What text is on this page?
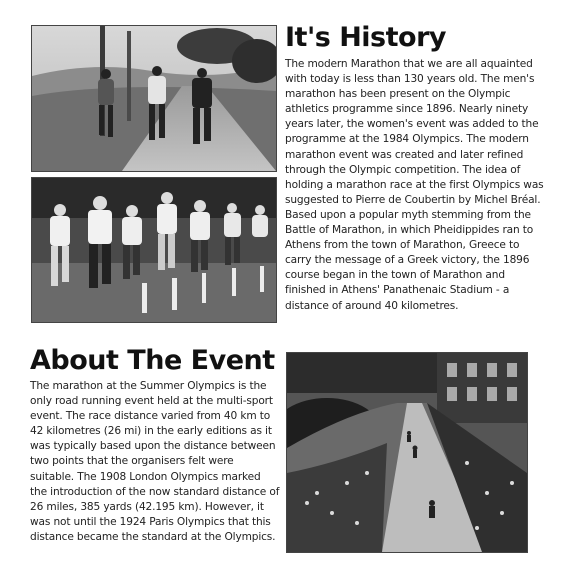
It's History

The modern Marathon that we are all aquainted with today is less than 130 years old. The men's marathon has been present on the Olympic athletics programme since 1896. Nearly ninety years later, the women's event was added to the programme at the 1984 Olympics. The modern marathon event was created and later refined through the Olympic competition. The idea of holding a marathon race at the first Olympics was suggested to Pierre de Coubertin by Michel Bréal. Based upon a popular myth stemming from the Battle of Marathon, in which Pheidippides ran to Athens from the town of Marathon, Greece to carry the message of a Greek victory, the 1896 course began in the town of Marathon and finished in Athens' Panathenaic Stadium - a distance of around 40 kilometres.

About The Event

The marathon at the Summer Olympics is the only road running event held at the multi-sport event. The race distance varied from 40 km to 42 kilometres (26 mi) in the early editions as it was typically based upon the distance between two points that the organisers felt were suitable. The 1908 London Olympics marked the introduction of the now standard distance of 26 miles, 385 yards (42.195 km). However, it was not until the 1924 Paris Olympics that this distance became the standard at the Olympics.
